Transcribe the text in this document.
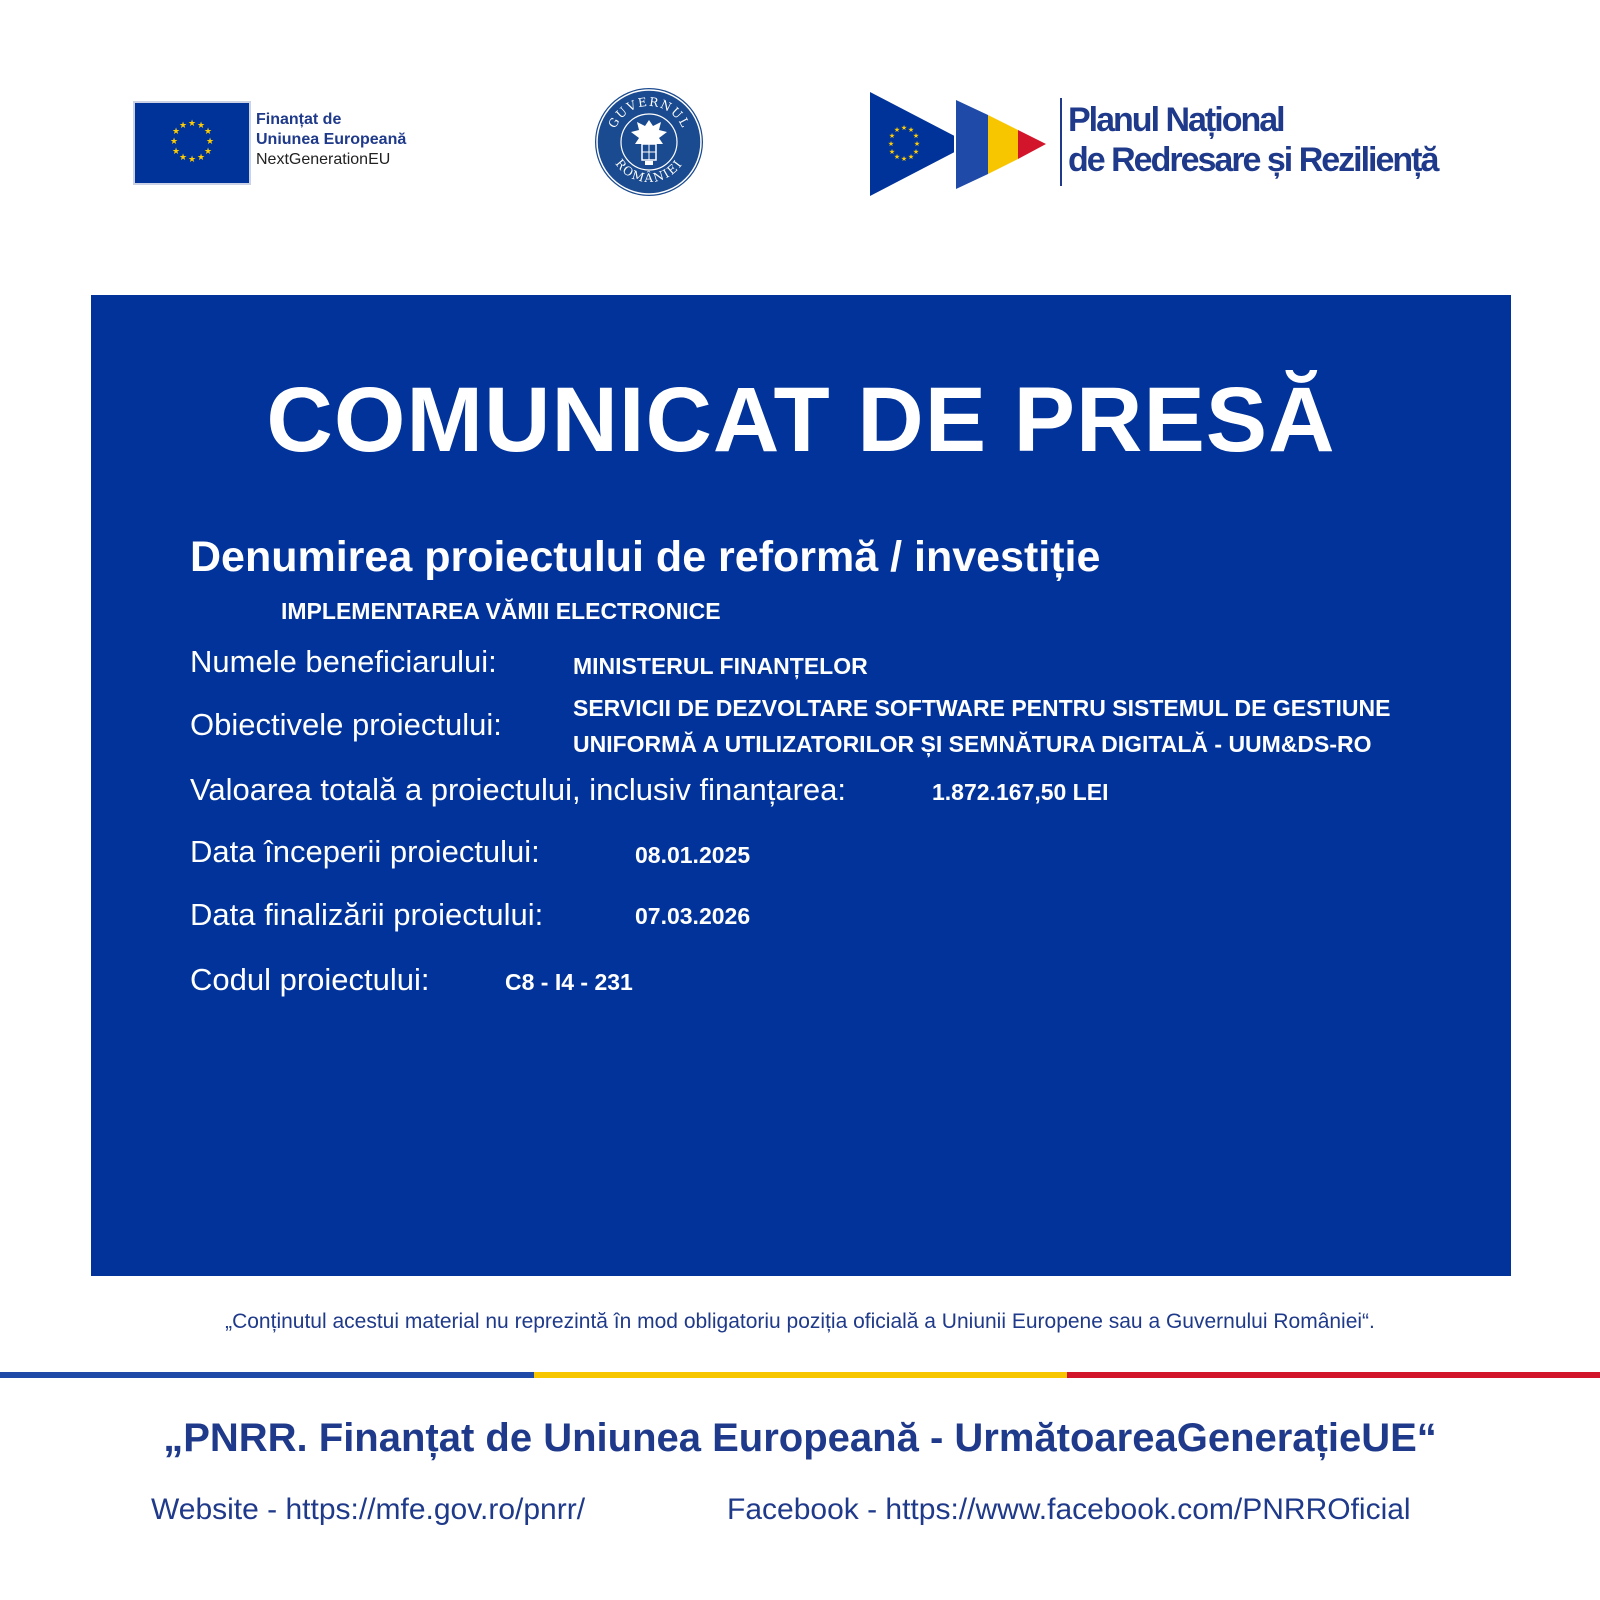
★ ★
★
★
★
★
★
★
★
★
★
★	Finanțat de
Uniunea Europeană
NextGenerationEU
GUVERNUL
ROMÂNIEI
★ ★
★
★
★
★
★
★
★
★
★
★	Planul Național
de Redresare și Reziliență
COMUNICAT DE PRESĂ
Denumirea proiectului de reformă / investiție
IMPLEMENTAREA VĂMII ELECTRONICE
Numele beneficiarului:	MINISTERUL FINANȚELOR
Obiectivele proiectului:	SERVICII DE DEZVOLTARE SOFTWARE PENTRU SISTEMUL DE GESTIUNE
UNIFORMĂ A UTILIZATORILOR ȘI SEMNĂTURA DIGITALĂ - UUM&DS-RO
Valoarea totală a proiectului, inclusiv finanțarea:	1.872.167,50 LEI
Data începerii proiectului:	08.01.2025
Data finalizării proiectului:	07.03.2026
Codul proiectului:	C8 - I4 - 231
„Conținutul acestui material nu reprezintă în mod obligatoriu poziția oficială a Uniunii Europene sau a Guvernului României“.
„PNRR. Finanțat de Uniunea Europeană - UrmătoareaGenerațieUE“
Website - https://mfe.gov.ro/pnrr/	Facebook - https://www.facebook.com/PNRROficial
